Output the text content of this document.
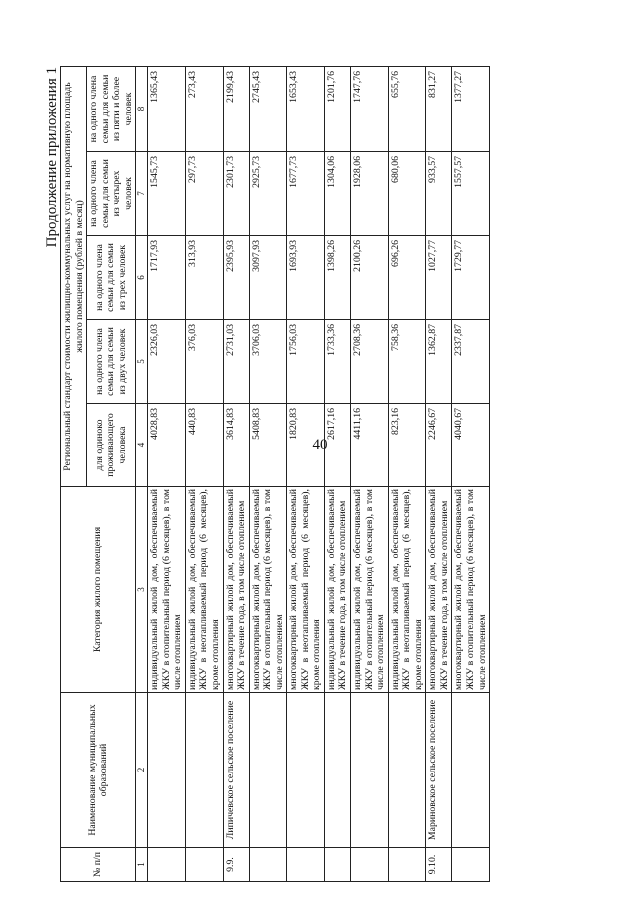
40
Продолжение приложения 1
№ п/п	Наименование муниципальных образований	Категория жилого помещения	Региональный стандарт стоимости жилищно-коммунальных услуг на нормативную площадь жилого помещения (рублей в месяц)				
			для одиноко проживающего человека	на одного члена семьи для семьи из двух человек	на одного члена семьи для семьи из трех человек	на одного члена семьи для семьи из четырех человек	на одного члена семьи для семьи из пяти и более человек

1	2	3	4	5	6	7	8
		индивидуальный жилой дом, обеспечиваемый ЖКУ в отопительный период (6 месяцев), в том числе отоплением	4028,83	2326,03	1717,93	1545,73	1365,43
		индивидуальный жилой дом, обеспечиваемый ЖКУ в неотапливаемый период (6 месяцев), кроме отопления	440,83	376,03	313,93	297,73	273,43
9.9.	Липичевское сельское поселение	многоквартирный жилой дом, обеспечиваемый ЖКУ в течение года, в том числе отоплением	3614,83	2731,03	2395,93	2301,73	2199,43
		многоквартирный жилой дом, обеспечиваемый ЖКУ в отопительный период (6 месяцев), в том числе отоплением	5408,83	3706,03	3097,93	2925,73	2745,43
		многоквартирный жилой дом, обеспечиваемый ЖКУ в неотапливаемый период (6 месяцев), кроме отопления	1820,83	1756,03	1693,93	1677,73	1653,43
		индивидуальный жилой дом, обеспечиваемый ЖКУ в течение года, в том числе отоплением	2617,16	1733,36	1398,26	1304,06	1201,76
		индивидуальный жилой дом, обеспечиваемый ЖКУ в отопительный период (6 месяцев), в том числе отоплением	4411,16	2708,36	2100,26	1928,06	1747,76
		индивидуальный жилой дом, обеспечиваемый ЖКУ в неотапливаемый период (6 месяцев), кроме отопления	823,16	758,36	696,26	680,06	655,76
9.10.	Мариновское сельское поселение	многоквартирный жилой дом, обеспечиваемый ЖКУ в течение года, в том числе отоплением	2246,67	1362,87	1027,77	933,57	831,27
		многоквартирный жилой дом, обеспечиваемый ЖКУ в отопительный период (6 месяцев), в том числе отоплением	4040,67	2337,87	1729,77	1557,57	1377,27
